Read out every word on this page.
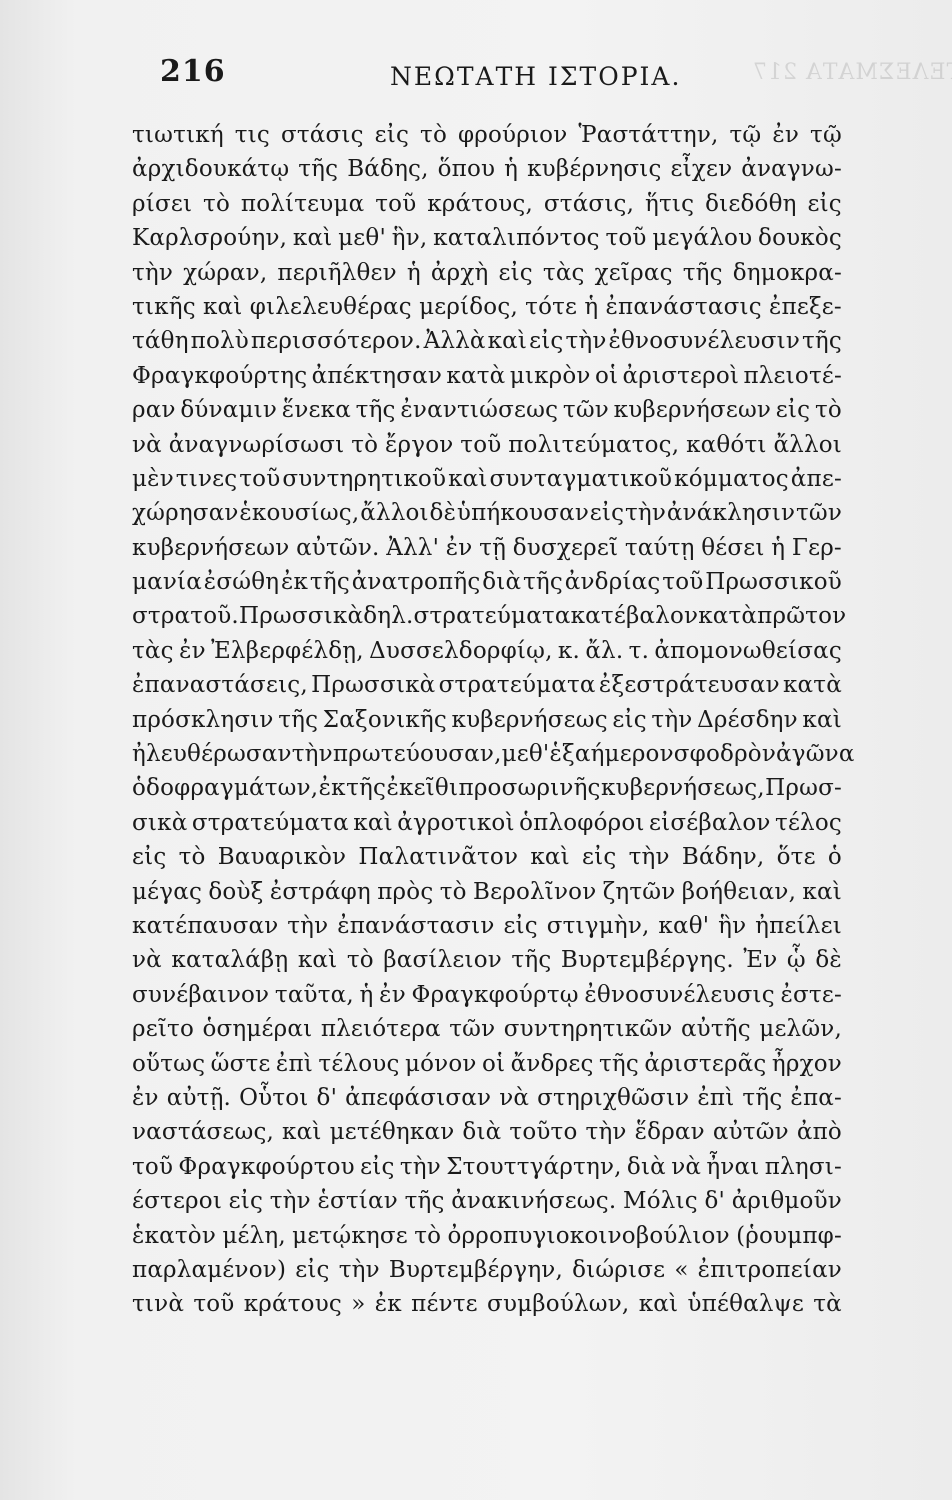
Η ΕΝ ΠΑΙΣΙ ΕΠΑΝΑΣΤΑΣΙΣ ΑΠΟΤΕΛΕΣΜΑΤΑ 217
216	ΝΕΩΤΑΤΗ ΙΣΤΟΡΙΑ.
τιωτική τις στάσις εἰς τὸ φρούριον Ῥαστάττην, τῷ ἐν τῷ
ἀρχιδουκάτῳ τῆς Βάδης, ὅπου ἡ κυβέρνησις εἶχεν ἀναγνω-
ρίσει τὸ πολίτευμα τοῦ κράτους, στάσις, ἥτις διεδόθη εἰς
Καρλσρούην, καὶ μεθ' ἣν, καταλιπόντος τοῦ μεγάλου δουκὸς
τὴν χώραν, περιῆλθεν ἡ ἀρχὴ εἰς τὰς χεῖρας τῆς δημοκρα-
τικῆς καὶ φιλελευθέρας μερίδος, τότε ἡ ἐπανάστασις ἐπεξε-
τάθη πολὺ περισσότερον. Ἀλλὰ καὶ εἰς τὴν ἐθνοσυνέλευσιν τῆς
Φραγκφούρτης ἀπέκτησαν κατὰ μικρὸν οἱ ἀριστεροὶ πλειοτέ-
ραν δύναμιν ἕνεκα τῆς ἐναντιώσεως τῶν κυβερνήσεων εἰς τὸ
νὰ ἀναγνωρίσωσι τὸ ἔργον τοῦ πολιτεύματος, καθότι ἄλλοι
μὲν τινες τοῦ συντηρητικοῦ καὶ συνταγματικοῦ κόμματος ἀπε-
χώρησαν ἑκουσίως, ἄλλοι δὲ ὑπήκουσαν εἰς τὴν ἀνάκλησιν τῶν
κυβερνήσεων αὐτῶν. Ἀλλ' ἐν τῇ δυσχερεῖ ταύτῃ θέσει ἡ Γερ-
μανία ἐσώθη ἐκ τῆς ἀνατροπῆς διὰ τῆς ἀνδρίας τοῦ Πρωσσικοῦ
στρατοῦ. Πρωσσικὰ δηλ. στρατεύματα κατέβαλον κατὰ πρῶτον
τὰς ἐν Ἐλβερφέλδῃ, Δυσσελδορφίῳ, κ. ἄλ. τ. ἀπομονωθείσας
ἐπαναστάσεις, Πρωσσικὰ στρατεύματα ἐξεστράτευσαν κατὰ
πρόσκλησιν τῆς Σαξονικῆς κυβερνήσεως εἰς τὴν Δρέσδην καὶ
ἠλευθέρωσαν τὴν πρωτεύουσαν, μεθ' ἑξαήμερον σφοδρὸν ἀγῶνα
ὁδοφραγμάτων, ἐκ τῆς ἐκεῖθι προσωρινῆς κυβερνήσεως, Πρωσ-
σικὰ στρατεύματα καὶ ἀγροτικοὶ ὁπλοφόροι εἰσέβαλον τέλος
εἰς τὸ Βαυαρικὸν Παλατινᾶτον καὶ εἰς τὴν Βάδην, ὅτε ὁ
μέγας δοὺξ ἐστράφη πρὸς τὸ Βερολῖνον ζητῶν βοήθειαν, καὶ
κατέπαυσαν τὴν ἐπανάστασιν εἰς στιγμὴν, καθ' ἣν ἠπείλει
νὰ καταλάβῃ καὶ τὸ βασίλειον τῆς Βυρτεμβέργης. Ἐν ᾧ δὲ
συνέβαινον ταῦτα, ἡ ἐν Φραγκφούρτῳ ἐθνοσυνέλευσις ἐστε-
ρεῖτο ὁσημέραι πλειότερα τῶν συντηρητικῶν αὐτῆς μελῶν,
οὕτως ὥστε ἐπὶ τέλους μόνον οἱ ἄνδρες τῆς ἀριστερᾶς ἦρχον
ἐν αὐτῇ. Οὗτοι δ' ἀπεφάσισαν νὰ στηριχθῶσιν ἐπὶ τῆς ἐπα-
ναστάσεως, καὶ μετέθηκαν διὰ τοῦτο τὴν ἕδραν αὐτῶν ἀπὸ
τοῦ Φραγκφούρτου εἰς τὴν Στουττγάρτην, διὰ νὰ ἦναι πλησι-
έστεροι εἰς τὴν ἑστίαν τῆς ἀνακινήσεως. Μόλις δ' ἀριθμοῦν
ἑκατὸν μέλη, μετῴκησε τὸ ὀρροπυγιοκοινοβούλιον (ῥουμπφ-
παρλαμένον) εἰς τὴν Βυρτεμβέργην, διώρισε « ἐπιτροπείαν
τινὰ τοῦ κράτους » ἐκ πέντε συμβούλων, καὶ ὑπέθαλψε τὰ
